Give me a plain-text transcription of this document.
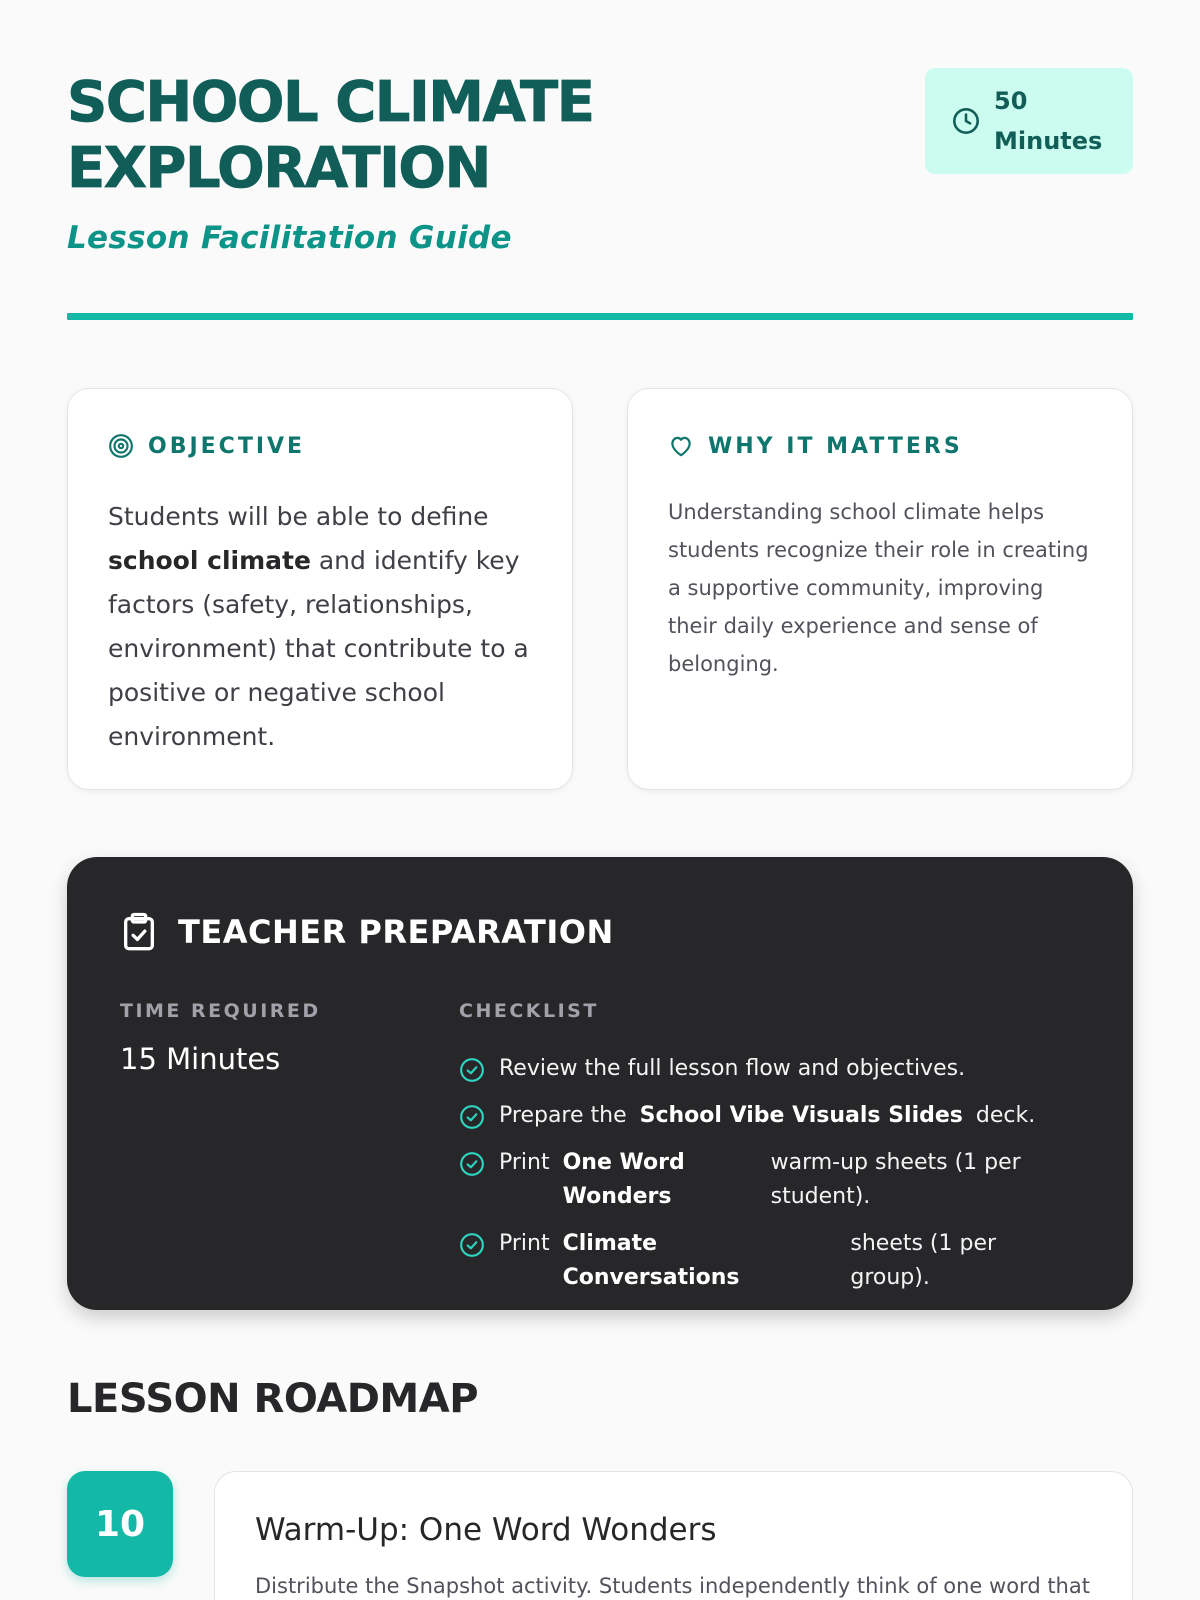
SCHOOL CLIMATE
EXPLORATION
Lesson Facilitation Guide
50
Minutes
OBJECTIVE

Students will be able to define school climate and identify key factors (safety, relationships, environment) that contribute to a positive or negative school environment.

WHY IT MATTERS

Understanding school climate helps students recognize their role in creating a supportive community, improving their daily experience and sense of belonging.

TEACHER PREPARATION
TIME REQUIRED
15 Minutes
CHECKLIST
Review the full lesson flow and objectives.
Prepare the School Vibe Visuals Slides deck.
Print One Word Wonders
warm-up sheets (1 per student).
Print Climate Conversations
sheets (1 per group).
LESSON ROADMAP
10	Warm-Up: One Word Wonders

Distribute the Snapshot activity. Students independently think of one word that
